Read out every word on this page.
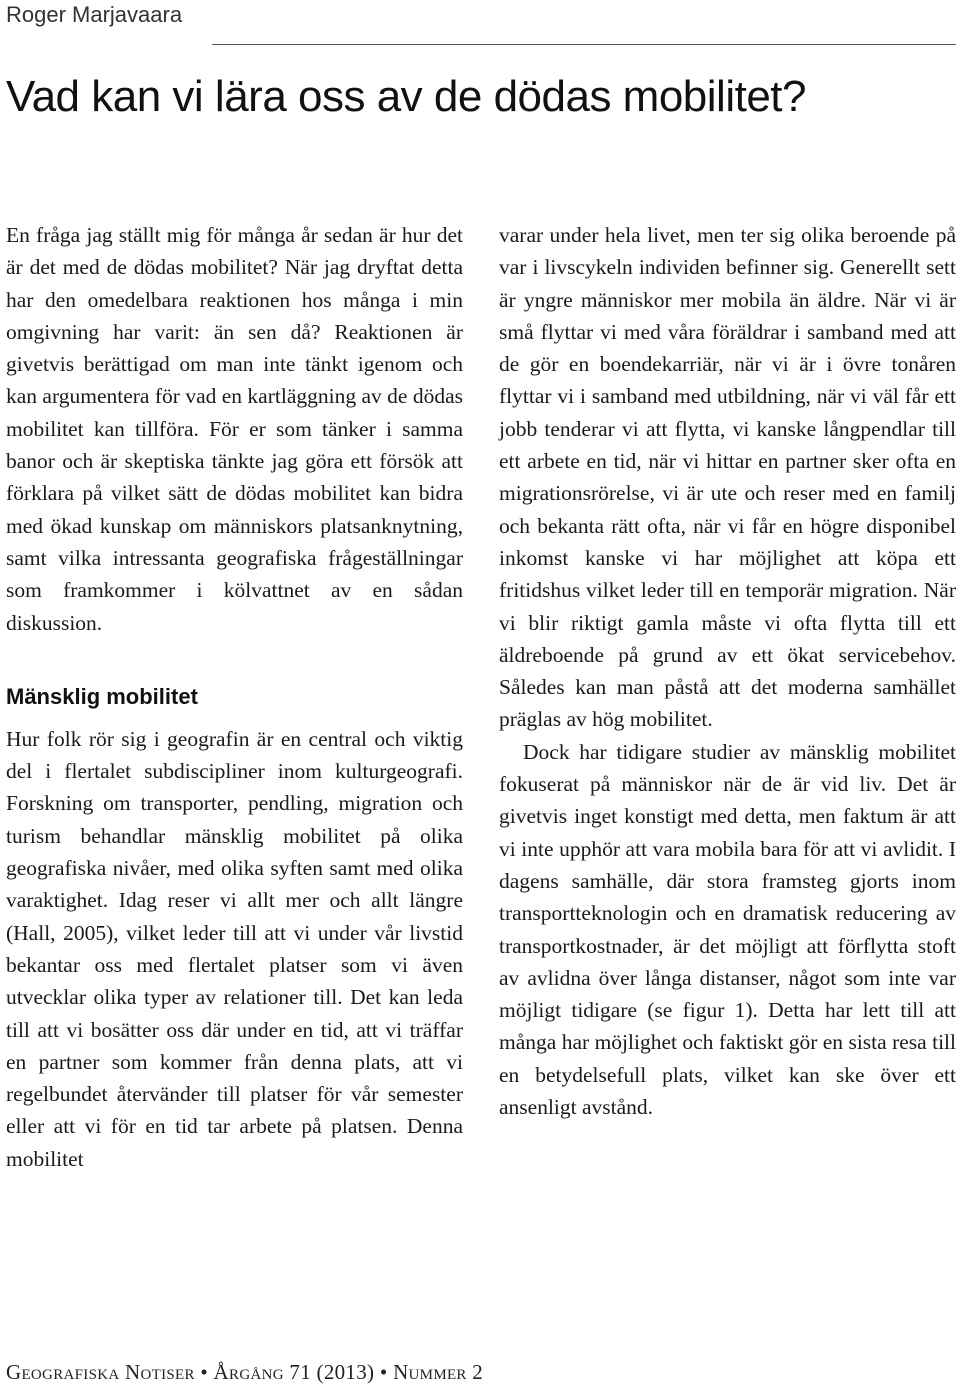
Roger Marjavaara
Vad kan vi lära oss av de dödas mobilitet?

En fråga jag ställt mig för många år sedan är hur det är det med de dödas mobilitet? När jag dryftat detta har den omedelbara reaktionen hos många i min omgivning har varit: än sen då? Reaktionen är givetvis berättigad om man inte tänkt igenom och kan argumentera för vad en kartläggning av de dödas mobilitet kan tillföra. För er som tänker i samma banor och är skeptiska tänkte jag göra ett försök att förklara på vilket sätt de dödas mobilitet kan bidra med ökad kunskap om människors platsanknytning, samt vilka intressanta geografiska frågeställningar som framkommer i kölvattnet av en sådan diskussion.

Mänsklig mobilitet

Hur folk rör sig i geografin är en central och viktig del i flertalet subdiscipliner inom kulturgeografi. Forskning om transporter, pendling, migration och turism behandlar mänsklig mobilitet på olika geografiska nivåer, med olika syften samt med olika varaktighet. Idag reser vi allt mer och allt längre (Hall, 2005), vilket leder till att vi under vår livstid bekantar oss med flertalet platser som vi även utvecklar olika typer av relationer till. Det kan leda till att vi bosätter oss där under en tid, att vi träffar en partner som kommer från denna plats, att vi regelbundet återvänder till platser för vår semester eller att vi för en tid tar arbete på platsen. Denna mobilitet

varar under hela livet, men ter sig olika beroende på var i livscykeln individen befinner sig. Generellt sett är yngre människor mer mobila än äldre. När vi är små flyttar vi med våra föräldrar i samband med att de gör en boendekarriär, när vi är i övre tonåren flyttar vi i samband med utbildning, när vi väl får ett jobb tenderar vi att flytta, vi kanske långpendlar till ett arbete en tid, när vi hittar en partner sker ofta en migrationsrörelse, vi är ute och reser med en familj och bekanta rätt ofta, när vi får en högre disponibel inkomst kanske vi har möjlighet att köpa ett fritidshus vilket leder till en temporär migration. När vi blir riktigt gamla måste vi ofta flytta till ett äldreboende på grund av ett ökat servicebehov. Således kan man påstå att det moderna samhället präglas av hög mobilitet.

Dock har tidigare studier av mänsklig mobilitet fokuserat på människor när de är vid liv. Det är givetvis inget konstigt med detta, men faktum är att vi inte upphör att vara mobila bara för att vi avlidit. I dagens samhälle, där stora framsteg gjorts inom transportteknologin och en dramatisk reducering av transportkostnader, är det möjligt att förflytta stoft av avlidna över långa distanser, något som inte var möjligt tidigare (se figur 1). Detta har lett till att många har möjlighet och faktiskt gör en sista resa till en betydelsefull plats, vilket kan ske över ett ansenligt avstånd.

Geografiska Notiser • Årgång 71 (2013) • Nummer 2
